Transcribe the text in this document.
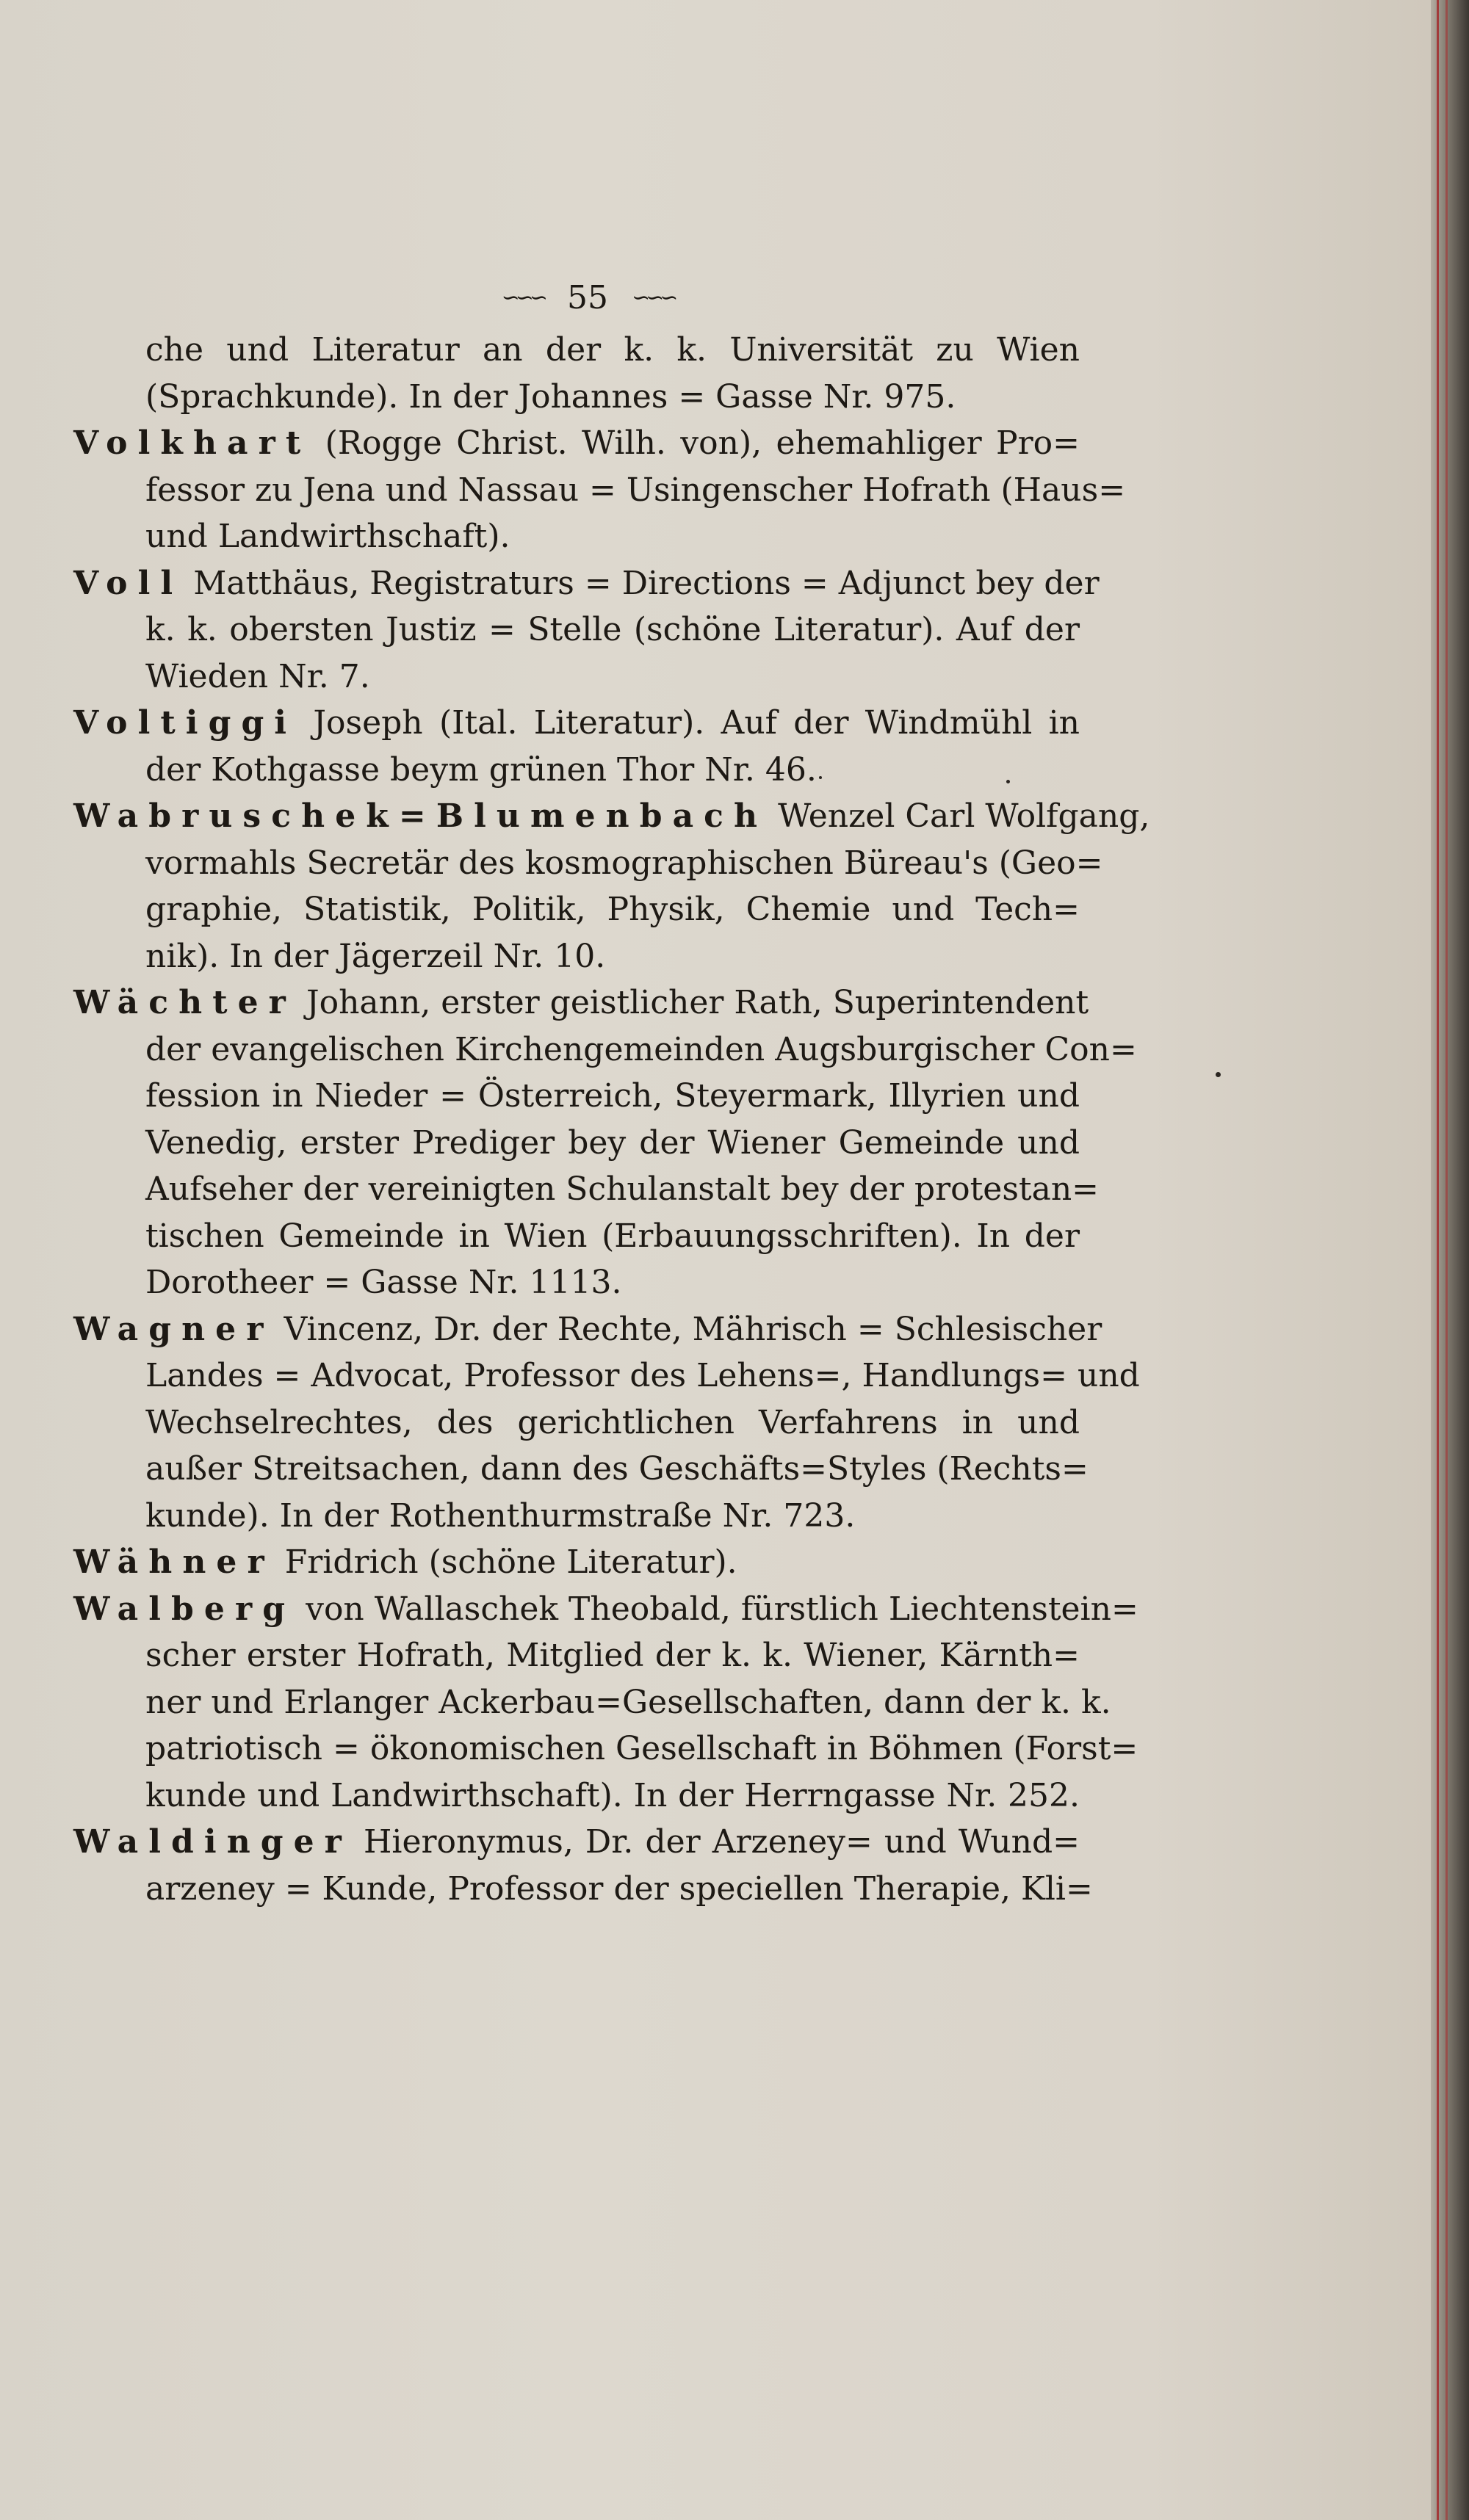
∽∽∽ 55 ∽∽∽
che und Literatur an der k. k. Universität zu Wien
(Sprachkunde). In der Johannes = Gasse Nr. 975.
Volkhart (Rogge Christ. Wilh. von), ehemahliger Pro=
fessor zu Jena und Nassau = Usingenscher Hofrath (Haus=
und Landwirthschaft).
Voll Matthäus, Registraturs = Directions = Adjunct bey der
k. k. obersten Justiz = Stelle (schöne Literatur). Auf der
Wieden Nr. 7.
Voltiggi Joseph (Ital. Literatur). Auf der Windmühl in
der Kothgasse beym grünen Thor Nr. 46.
Wabruschek=Blumenbach Wenzel Carl Wolfgang,
vormahls Secretär des kosmographischen Büreau's (Geo=
graphie, Statistik, Politik, Physik, Chemie und Tech=
nik). In der Jägerzeil Nr. 10.
Wächter Johann, erster geistlicher Rath, Superintendent
der evangelischen Kirchengemeinden Augsburgischer Con=
fession in Nieder = Österreich, Steyermark, Illyrien und
Venedig, erster Prediger bey der Wiener Gemeinde und
Aufseher der vereinigten Schulanstalt bey der protestan=
tischen Gemeinde in Wien (Erbauungsschriften). In der
Dorotheer = Gasse Nr. 1113.
Wagner Vincenz, Dr. der Rechte, Mährisch = Schlesischer
Landes = Advocat, Professor des Lehens=, Handlungs= und
Wechselrechtes, des gerichtlichen Verfahrens in und
außer Streitsachen, dann des Geschäfts=Styles (Rechts=
kunde). In der Rothenthurmstraße Nr. 723.
Wähner Fridrich (schöne Literatur).
Walberg von Wallaschek Theobald, fürstlich Liechtenstein=
scher erster Hofrath, Mitglied der k. k. Wiener, Kärnth=
ner und Erlanger Ackerbau=Gesellschaften, dann der k. k.
patriotisch = ökonomischen Gesellschaft in Böhmen (Forst=
kunde und Landwirthschaft). In der Herrngasse Nr. 252.
Waldinger Hieronymus, Dr. der Arzeney= und Wund=
arzeney = Kunde, Professor der speciellen Therapie, Kli=
